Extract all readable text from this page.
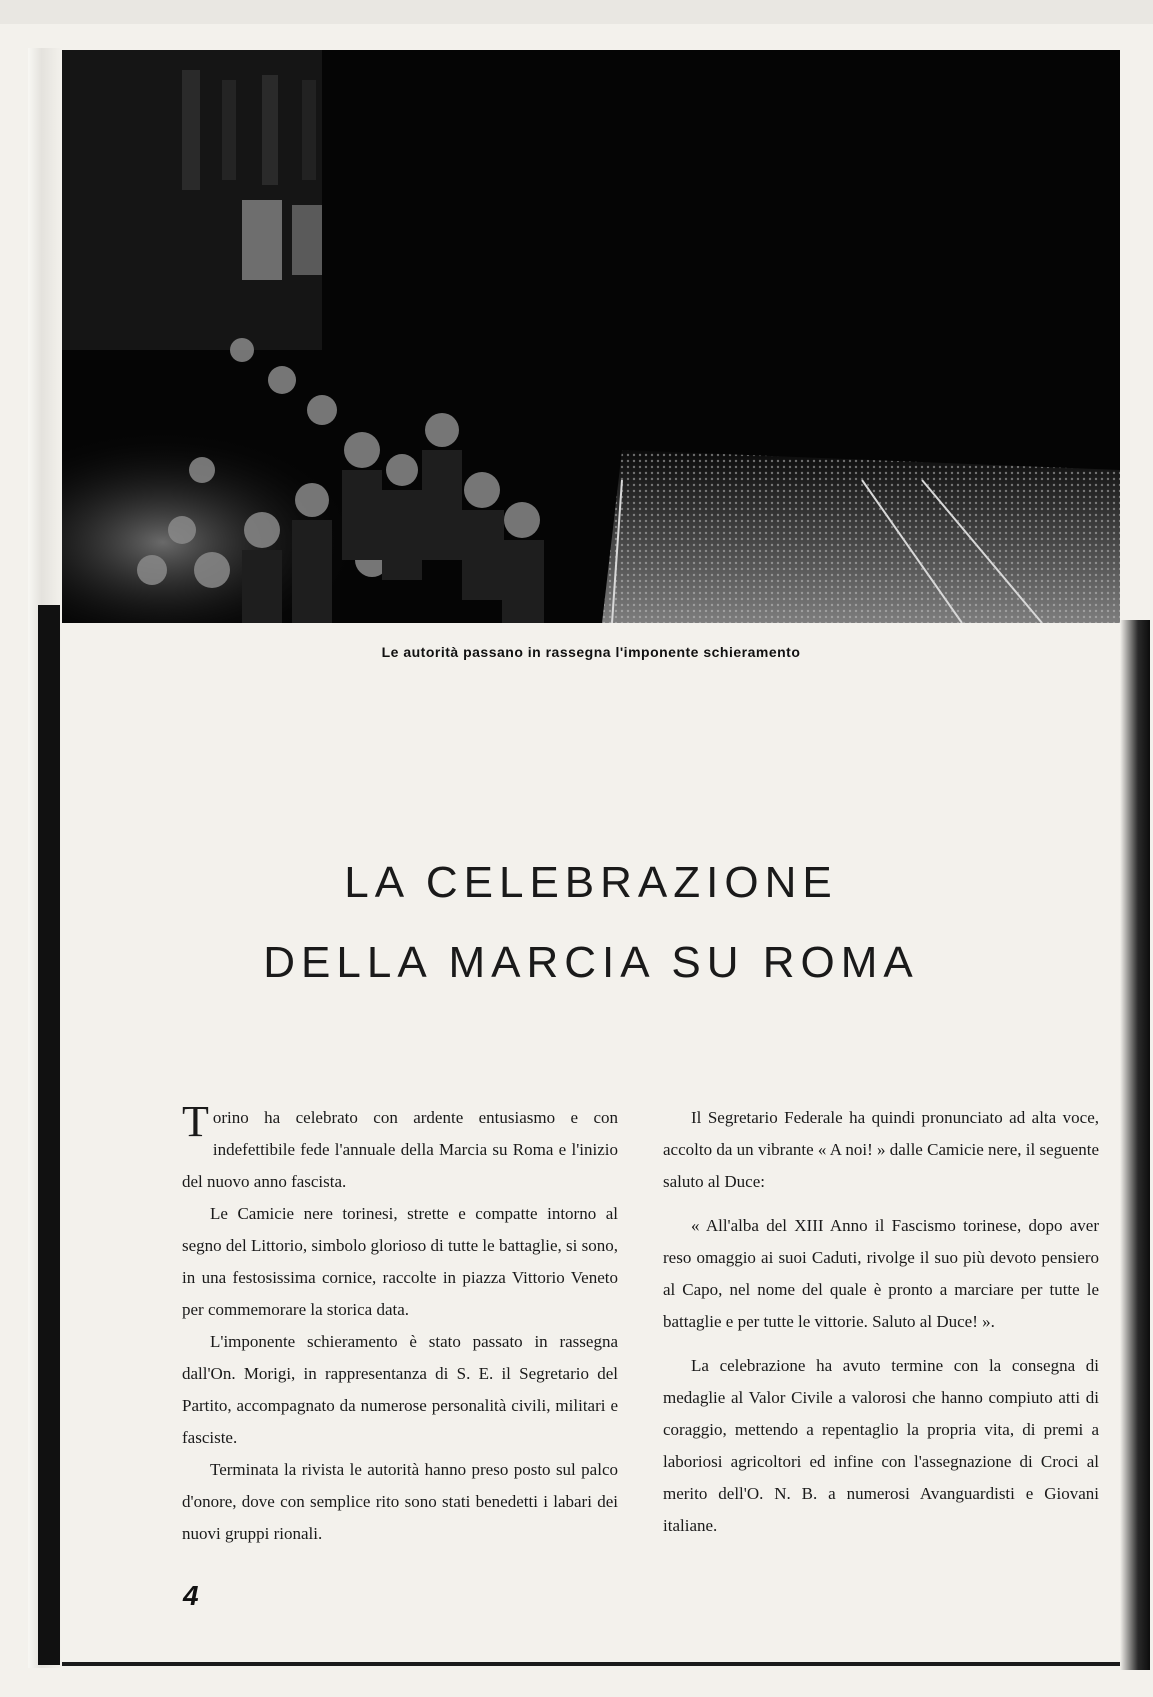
Le autorità passano in rassegna l'imponente schieramento
LA CELEBRAZIONE
DELLA MARCIA SU ROMA

T orino ha celebrato con ardente entusiasmo e con indefettibile fede l'annuale della Marcia su Roma e l'inizio del nuovo anno fascista.

Le Camicie nere torinesi, strette e compatte intorno al segno del Littorio, simbolo glorioso di tutte le battaglie, si sono, in una festosissima cornice, raccolte in piazza Vittorio Veneto per commemorare la storica data.

L'imponente schieramento è stato passato in rassegna dall'On. Morigi, in rappresentanza di S. E. il Segretario del Partito, accompagnato da numerose personalità civili, militari e fasciste.

Terminata la rivista le autorità hanno preso posto sul palco d'onore, dove con semplice rito sono stati benedetti i labari dei nuovi gruppi rionali.

Il Segretario Federale ha quindi pronunciato ad alta voce, accolto da un vibrante « A noi! » dalle Camicie nere, il seguente saluto al Duce:

« All'alba del XIII Anno il Fascismo torinese, dopo aver reso omaggio ai suoi Caduti, rivolge il suo più devoto pensiero al Capo, nel nome del quale è pronto a marciare per tutte le battaglie e per tutte le vittorie. Saluto al Duce! ».

La celebrazione ha avuto termine con la consegna di medaglie al Valor Civile a valorosi che hanno compiuto atti di coraggio, mettendo a repentaglio la propria vita, di premi a laboriosi agricoltori ed infine con l'assegnazione di Croci al merito dell'O. N. B. a numerosi Avanguardisti e Giovani italiane.

4
